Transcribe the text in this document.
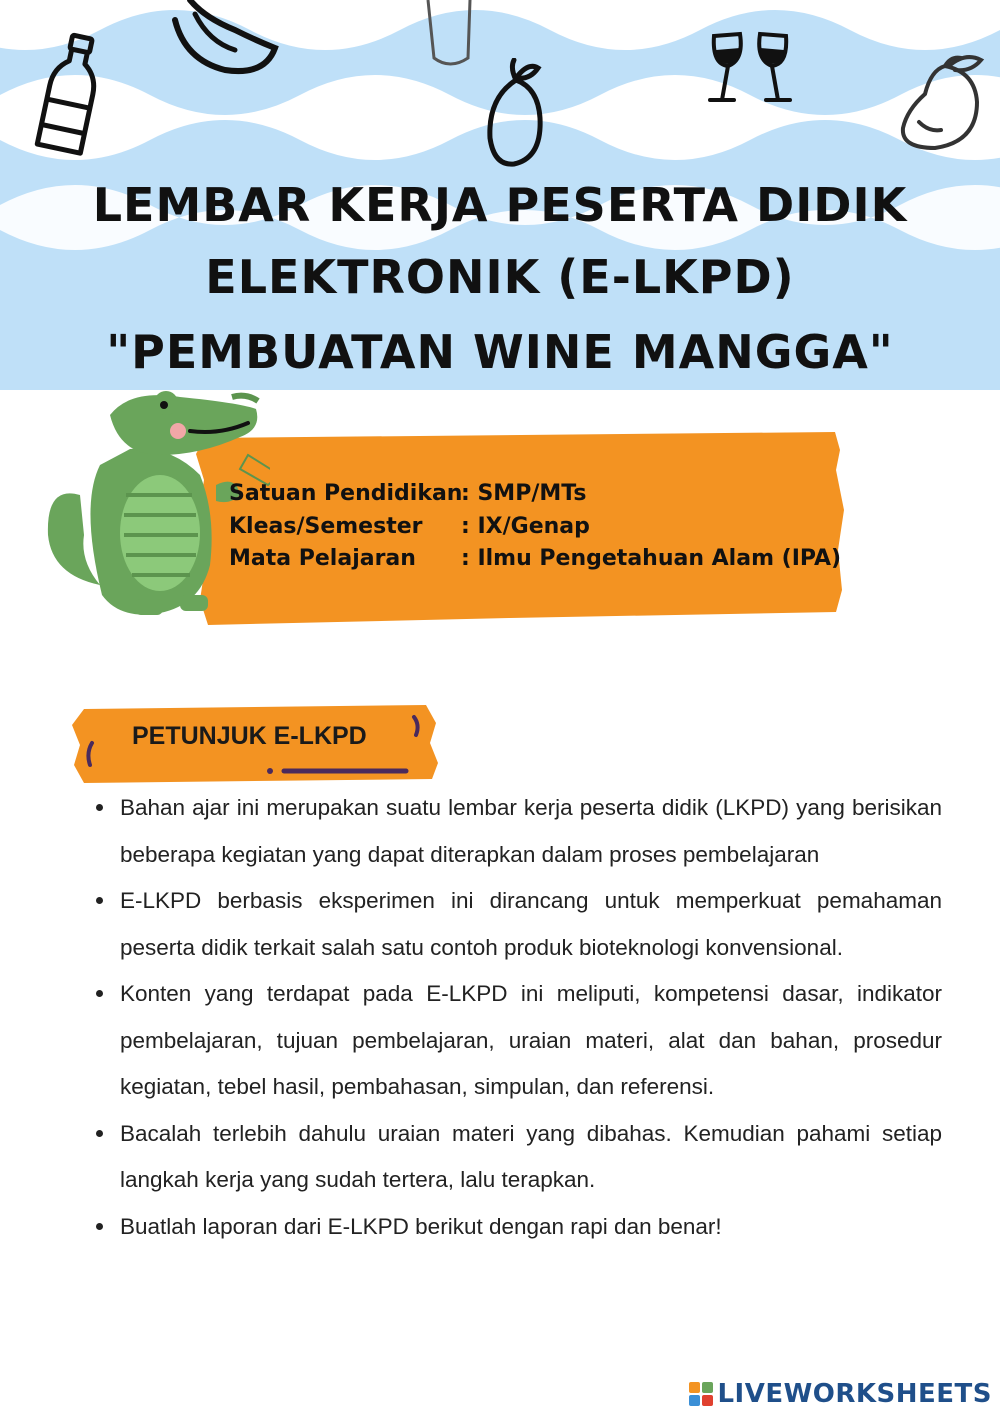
LEMBAR KERJA PESERTA DIDIK
ELEKTRONIK (E-LKPD)
"PEMBUATAN WINE MANGGA"
Satuan Pendidikan: SMP/MTs
Kleas/Semester : IX/Genap
Mata Pelajaran : Ilmu Pengetahuan Alam (IPA)
PETUNJUK E-LKPD
Bahan ajar ini merupakan suatu lembar kerja peserta didik (LKPD) yang berisikan beberapa kegiatan yang dapat diterapkan dalam proses pembelajaran
E-LKPD berbasis eksperimen ini dirancang untuk memperkuat pemahaman peserta didik terkait salah satu contoh produk bioteknologi konvensional.
Konten yang terdapat pada E-LKPD ini meliputi, kompetensi dasar, indikator pembelajaran, tujuan pembelajaran, uraian materi, alat dan bahan, prosedur kegiatan, tebel hasil, pembahasan, simpulan, dan referensi.
Bacalah terlebih dahulu uraian materi yang dibahas. Kemudian pahami setiap langkah kerja yang sudah tertera, lalu terapkan.
Buatlah laporan dari E-LKPD berikut dengan rapi dan benar!
LIVEWORKSHEETS
